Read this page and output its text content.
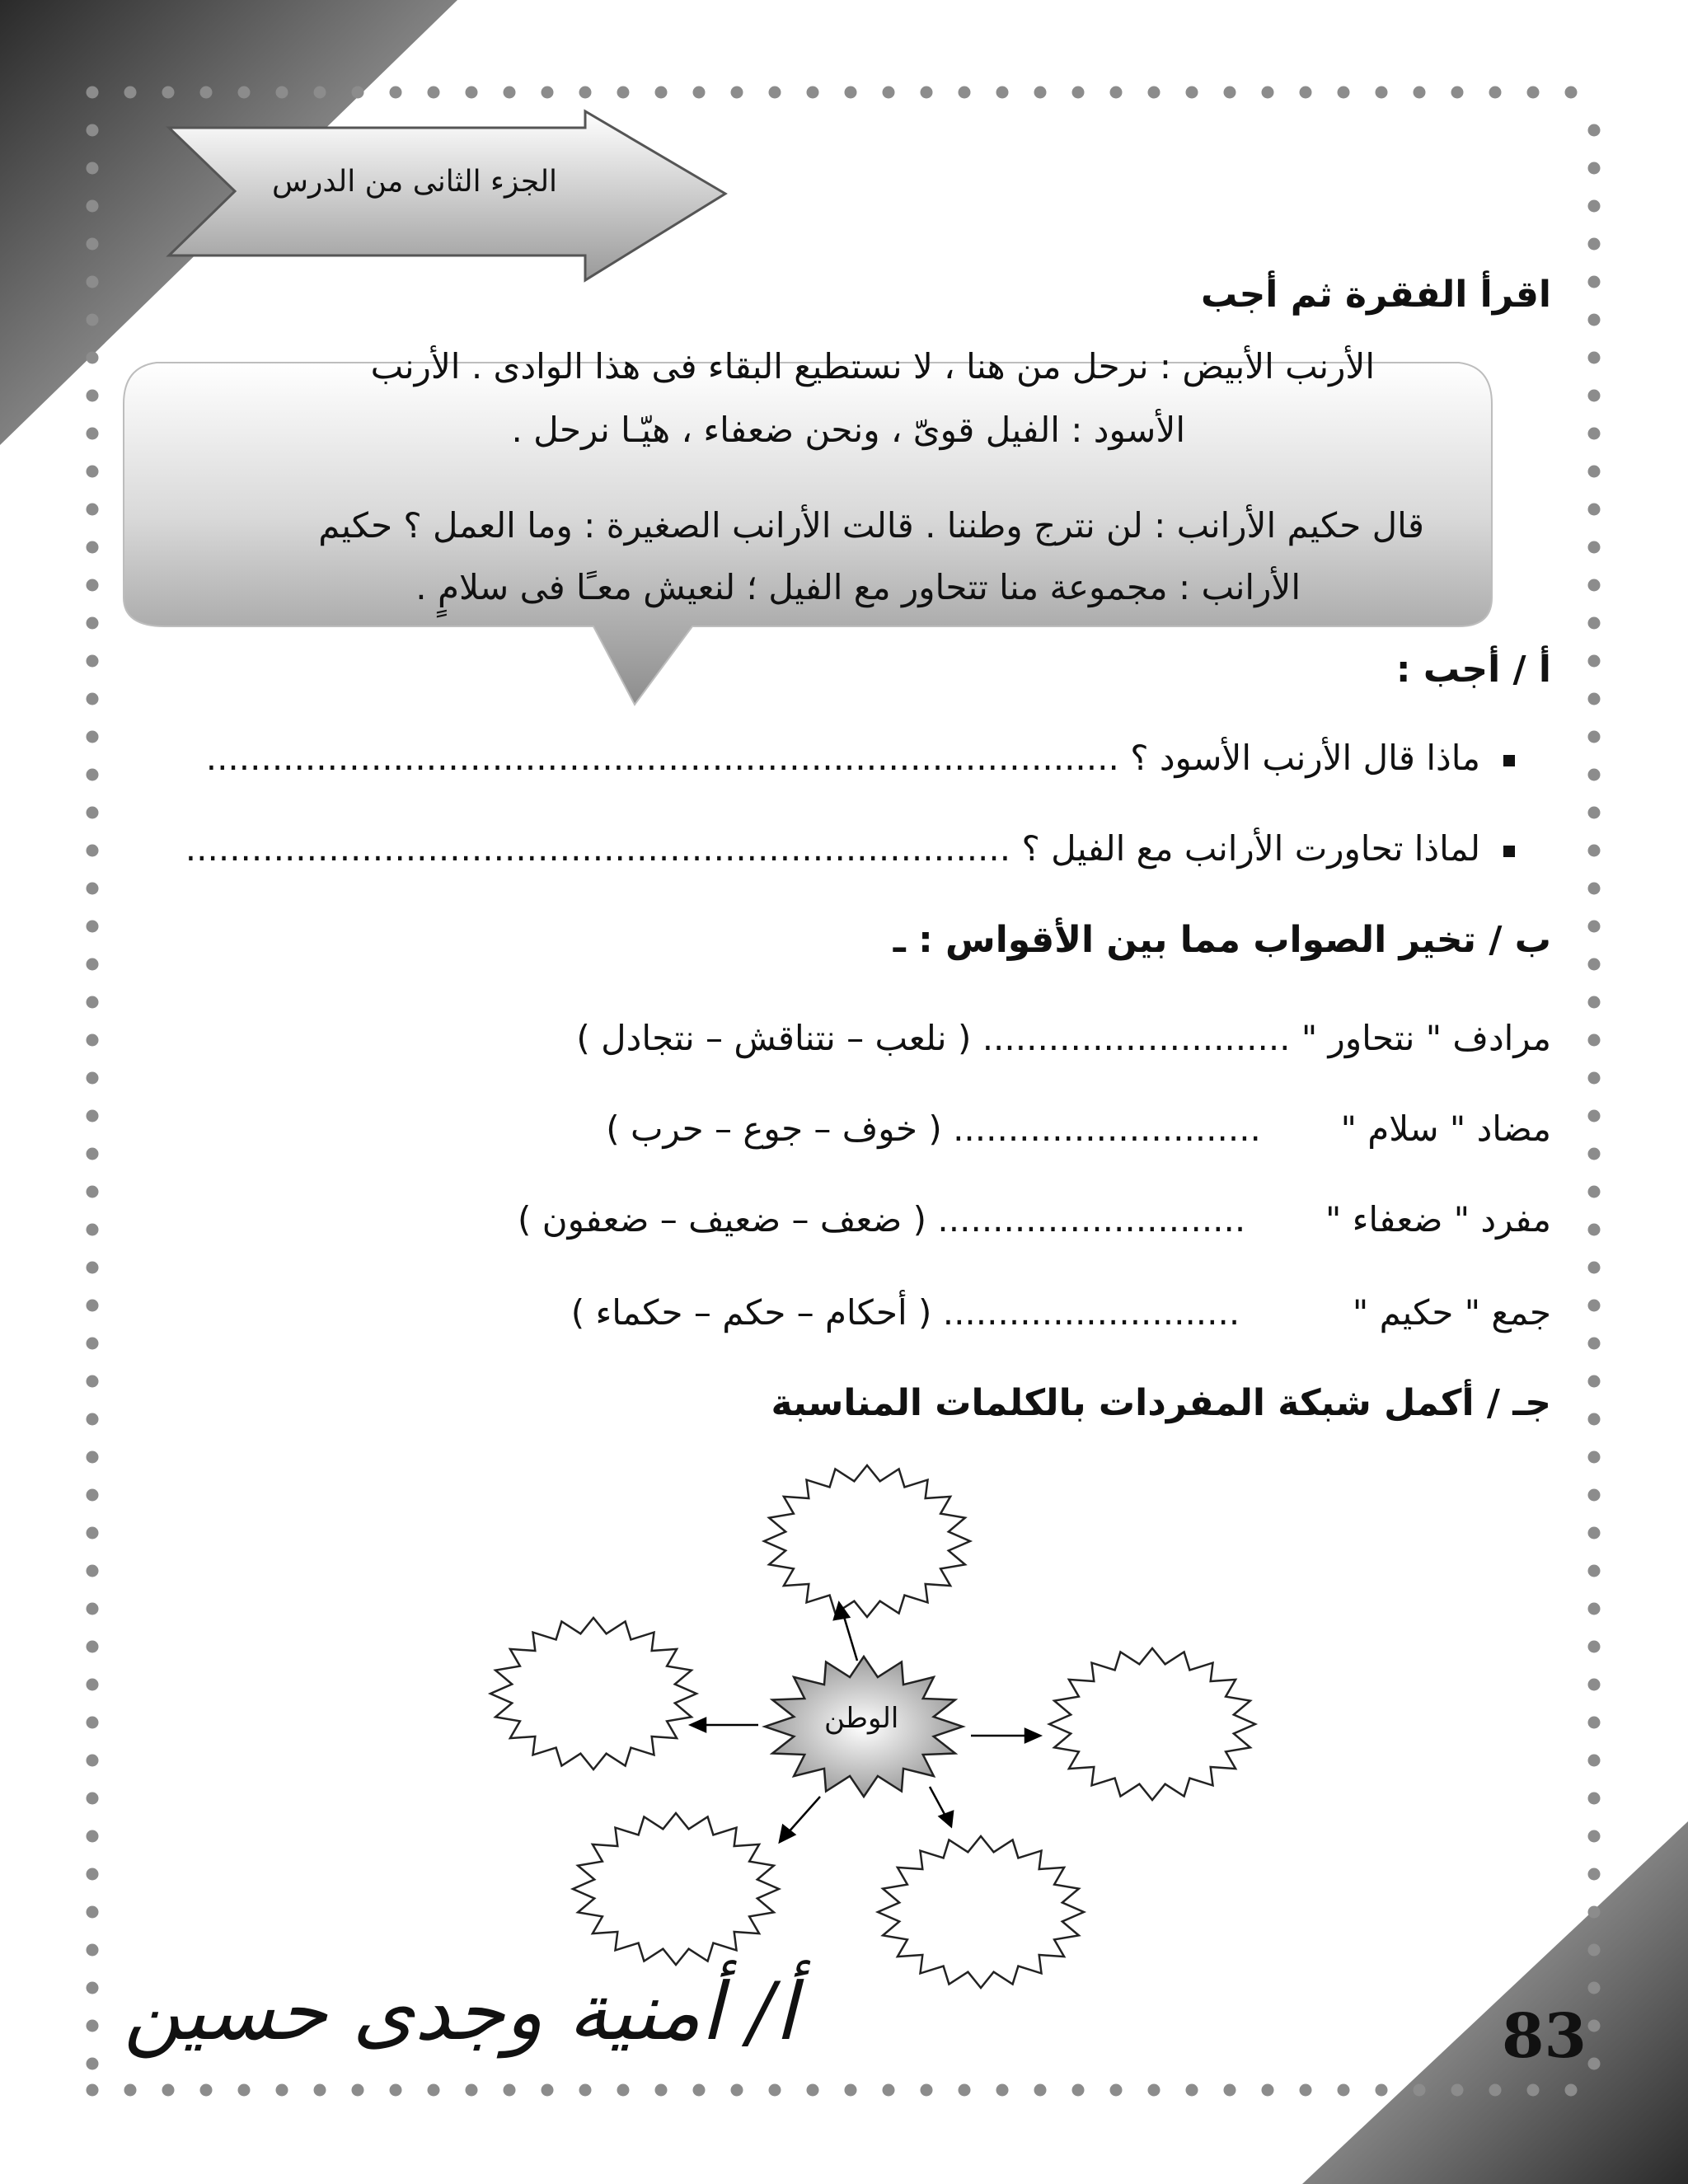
الجزء الثانى من الدرس
اقرأ الفقرة ثم أجب
الأرنب الأبيض : نرحل من هنا ، لا نستطيع البقاء فى هذا الوادى . الأرنب
الأسود : الفيل قوىّ ، ونحن ضعفاء ، هيّـا نرحل .
قال حكيم الأرانب : لن نترج وطننا . قالت الأرانب الصغيرة : وما العمل ؟ حكيم
الأرانب : مجموعة منا تتحاور مع الفيل ؛ لنعيش معـًا فى سلامٍ .
أ / أجب :
ماذا قال الأرنب الأسود ؟ ...................................................................................
لماذا تحاورت الأرانب مع الفيل ؟ ...........................................................................
ب / تخير الصواب مما بين الأقواس : ـ
مرادف " نتحاور " ............................ ( نلعب – نتناقش – نتجادل )
مضاد " سلام "  ............................ ( خوف – جوع – حرب )
مفرد " ضعفاء "  ............................ ( ضعف – ضعيف – ضعفون )
جمع " حكيم "  ........................... ( أحكام – حكم – حكماء )
جـ / أكمل شبكة المفردات بالكلمات المناسبة
الوطن
أ/ أمنية وجدى حسين	83
